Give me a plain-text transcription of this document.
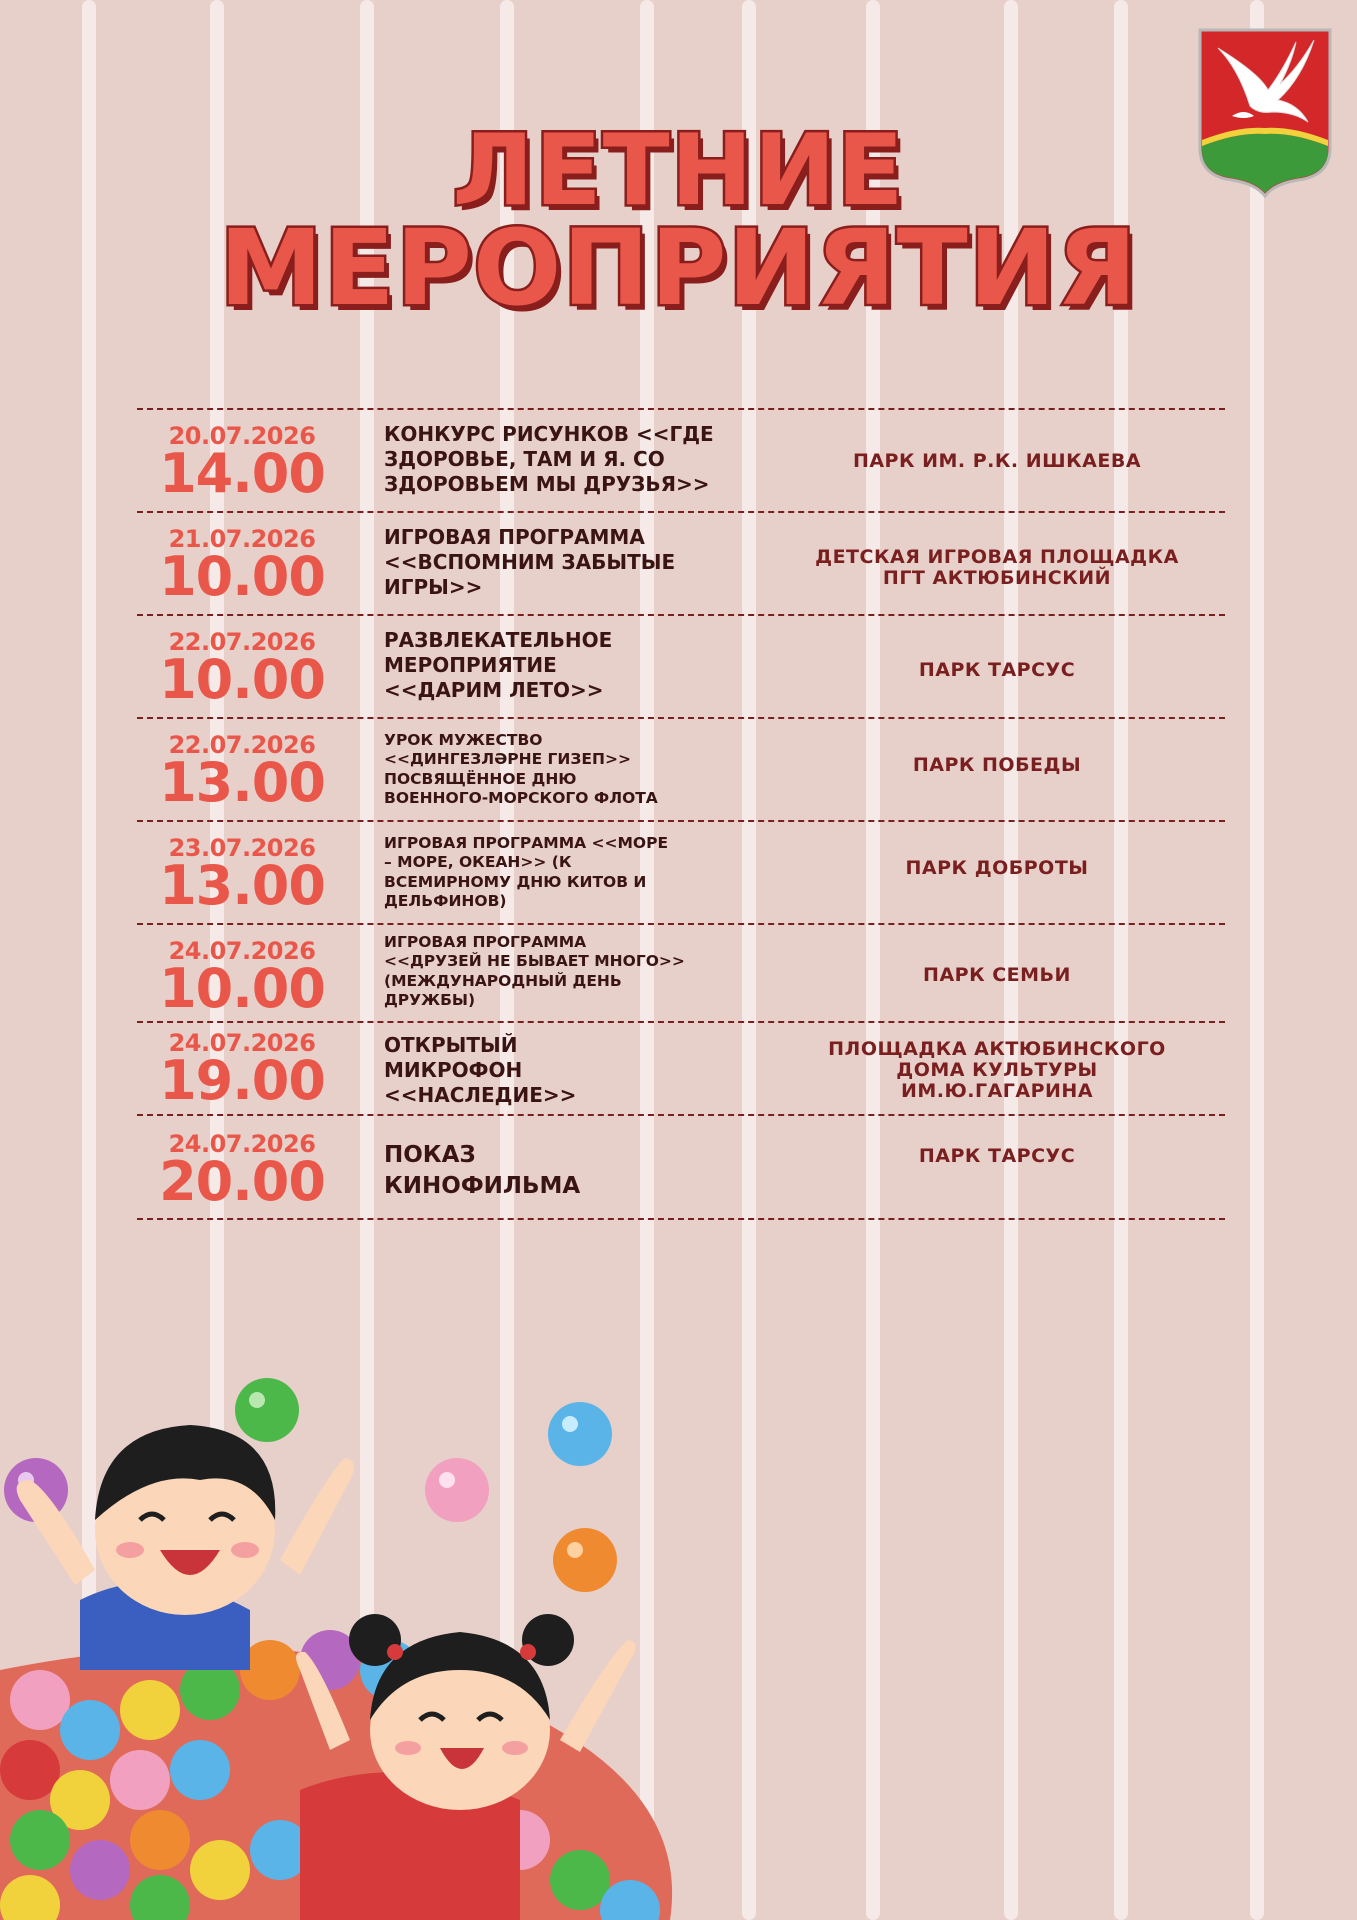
ЛЕТНИЕ
МЕРОПРИЯТИЯ
20.07.2026
14.00
КОНКУРС РИСУНКОВ <<ГДЕ
ЗДОРОВЬЕ, ТАМ И Я. СО
ЗДОРОВЬЕМ МЫ ДРУЗЬЯ>>
ПАРК ИМ. Р.К. ИШКАЕВА
21.07.2026
10.00
ИГРОВАЯ ПРОГРАММА
<<ВСПОМНИМ ЗАБЫТЫЕ
ИГРЫ>>
ДЕТСКАЯ ИГРОВАЯ ПЛОЩАДКА
ПГТ АКТЮБИНСКИЙ
22.07.2026
10.00
РАЗВЛЕКАТЕЛЬНОЕ
МЕРОПРИЯТИЕ
<<ДАРИМ ЛЕТО>>
ПАРК ТАРСУС
22.07.2026
13.00
УРОК МУЖЕСТВО
<<ДИНГЕЗЛӘРНЕ ГИЗЕП>>
ПОСВЯЩЁННОЕ ДНЮ
ВОЕННОГО-МОРСКОГО ФЛОТА
ПАРК ПОБЕДЫ
23.07.2026
13.00
ИГРОВАЯ ПРОГРАММА <<МОРЕ
– МОРЕ, ОКЕАН>> (К
ВСЕМИРНОМУ ДНЮ КИТОВ И
ДЕЛЬФИНОВ)
ПАРК ДОБРОТЫ
24.07.2026
10.00
ИГРОВАЯ ПРОГРАММА
<<ДРУЗЕЙ НЕ БЫВАЕТ МНОГО>>
(МЕЖДУНАРОДНЫЙ ДЕНЬ
ДРУЖБЫ)
ПАРК СЕМЬИ
24.07.2026
19.00
ОТКРЫТЫЙ
МИКРОФОН
<<НАСЛЕДИЕ>>
ПЛОЩАДКА АКТЮБИНСКОГО
ДОМА КУЛЬТУРЫ
ИМ.Ю.ГАГАРИНА
24.07.2026
20.00	ПОКАЗ
КИНОФИЛЬМА
ПАРК ТАРСУС
